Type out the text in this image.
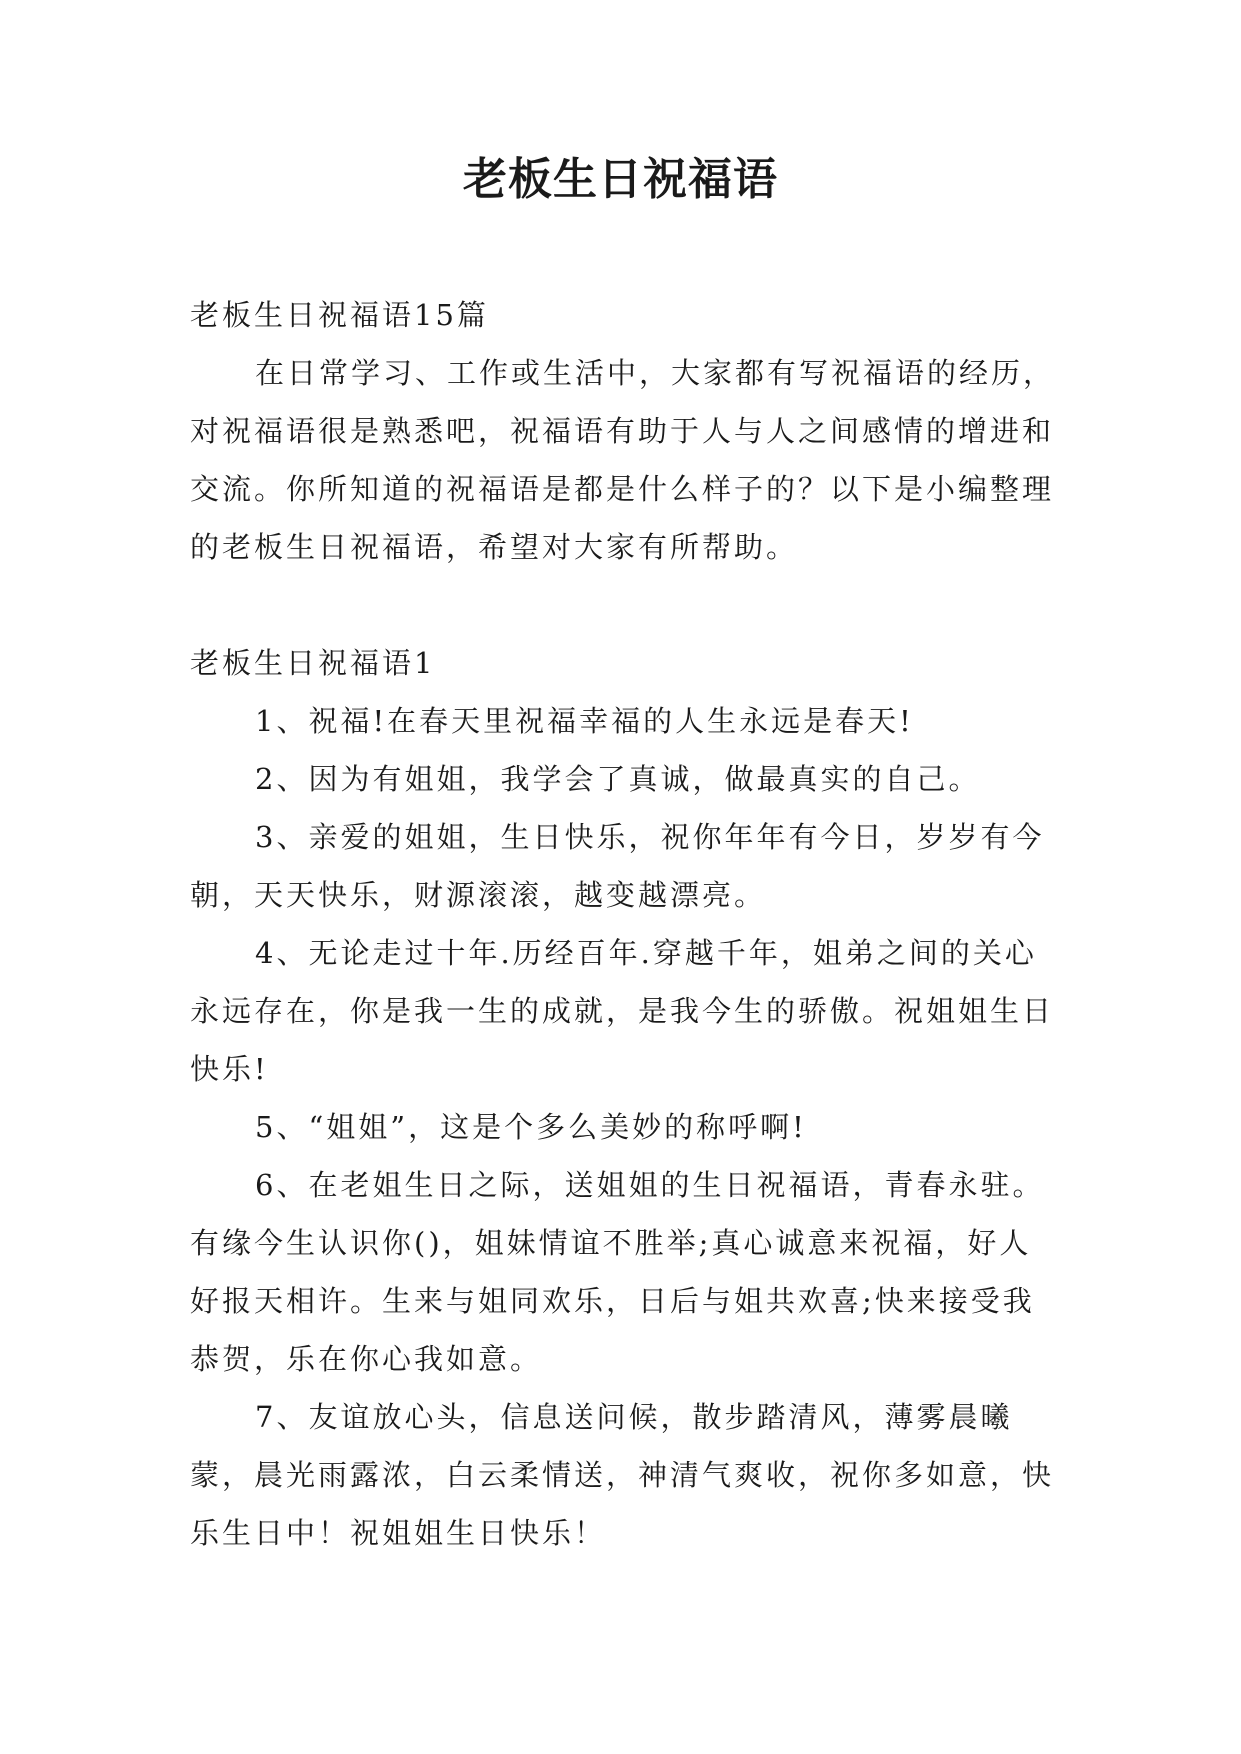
老板生日祝福语

老板生日祝福语15篇

在日常学习、工作或生活中，大家都有写祝福语的经历，对祝福语很是熟悉吧，祝福语有助于人与人之间感情的增进和交流。你所知道的祝福语是都是什么样子的？以下是小编整理的老板生日祝福语，希望对大家有所帮助。

老板生日祝福语1

1、祝福!在春天里祝福幸福的人生永远是春天!

2、因为有姐姐，我学会了真诚，做最真实的自己。

3、亲爱的姐姐，生日快乐，祝你年年有今日，岁岁有今朝，天天快乐，财源滚滚，越变越漂亮。

4、无论走过十年.历经百年.穿越千年，姐弟之间的关心永远存在，你是我一生的成就，是我今生的骄傲。祝姐姐生日快乐!

5、“姐姐”，这是个多么美妙的称呼啊!

6、在老姐生日之际，送姐姐的生日祝福语，青春永驻。有缘今生认识你()，姐妹情谊不胜举;真心诚意来祝福，好人好报天相许。生来与姐同欢乐，日后与姐共欢喜;快来接受我恭贺，乐在你心我如意。

7、友谊放心头，信息送问候，散步踏清风，薄雾晨曦蒙，晨光雨露浓，白云柔情送，神清气爽收，祝你多如意，快乐生日中！祝姐姐生日快乐！
